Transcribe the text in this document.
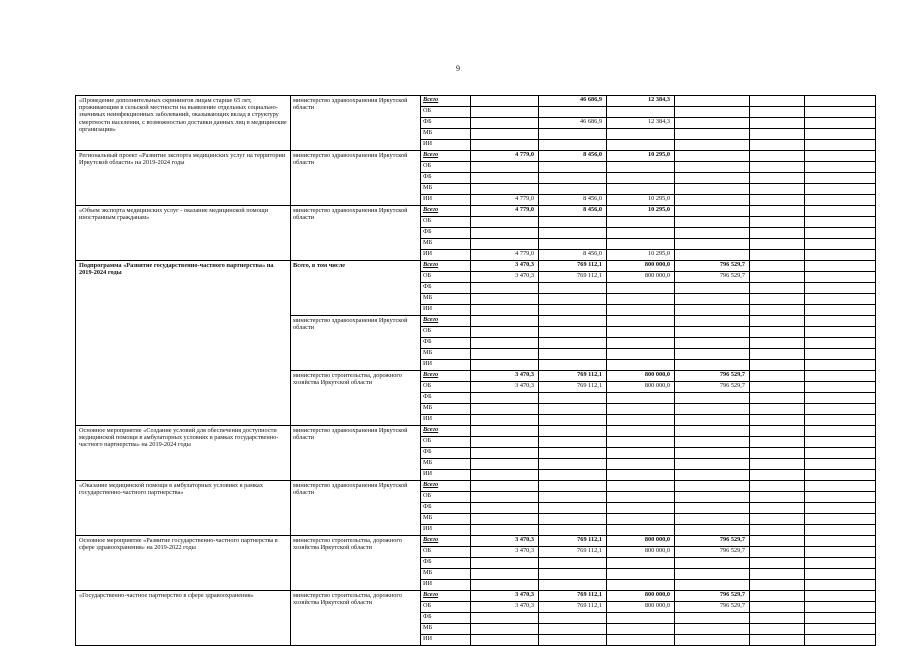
9
«Проведение дополнительных скринингов лицам старше 65 лет, проживающим в сельской местности на выявление отдельных социально-значимых неинфекционных заболеваний, оказывающих вклад в структуру смертности населения, с возможностью доставки данных лиц в медицинские организации»	министерство здравоохранения Иркутской области	Всего		46 686,9	12 384,3			
		ОБ						
		ФБ		46 686,9	12 384,3			
		МБ						
		ИИ						
Региональный проект «Развитие экспорта медицинских услуг на территории Иркутской области» на 2019-2024 годы	министерство здравоохранения Иркутской области	Всего	4 779,0	8 456,0	10 295,0			
		ОБ						
		ФБ						
		МБ						
		ИИ	4 779,0	8 456,0	10 295,0			
«Объем экспорта медицинских услуг - оказание медицинской помощи иностранным гражданам»	министерство здравоохранения Иркутской области	Всего	4 779,0	8 456,0	10 295,0			
		ОБ						
		ФБ						
		МБ						
		ИИ	4 779,0	8 456,0	10 295,0			
Подпрограмма «Развитие государственно-частного партнерства» на 2019-2024 годы	Всего, в том числе	Всего	3 470,3	769 112,1	800 000,0	796 529,7		
		ОБ	3 470,3	769 112,1	800 000,0	796 529,7		
		ФБ						
		МБ						
		ИИ						
	министерство здравоохранения Иркутской области	Всего						
		ОБ						
		ФБ						
		МБ						
		ИИ						
	министерство строительства, дорожного хозяйства Иркутской области	Всего	3 470,3	769 112,1	800 000,0	796 529,7		
		ОБ	3 470,3	769 112,1	800 000,0	796 529,7		
		ФБ						
		МБ						
		ИИ						
Основное мероприятие «Создание условий для обеспечения доступности медицинской помощи в амбулаторных условиях в рамках государственно-частного партнерства» на 2019-2024 годы	министерство здравоохранения Иркутской области	Всего						
		ОБ						
		ФБ						
		МБ						
		ИИ						
«Оказание медицинской помощи в амбулаторных условиях в рамках государственно-частного партнерства»	министерство здравоохранения Иркутской области	Всего						
		ОБ						
		ФБ						
		МБ						
		ИИ						
Основное мероприятие «Развитие государственно-частного партнерства в сфере здравоохранения» на 2019-2022 годы	министерство строительства, дорожного хозяйства Иркутской области	Всего	3 470,3	769 112,1	800 000,0	796 529,7		
		ОБ	3 470,3	769 112,1	800 000,0	796 529,7		
		ФБ						
		МБ						
		ИИ						
«Государственно-частное партнерство в сфере здравоохранения»	министерство строительства, дорожного хозяйства Иркутской области	Всего	3 470,3	769 112,1	800 000,0	796 529,7		
		ОБ	3 470,3	769 112,1	800 000,0	796 529,7		
		ФБ						
		МБ						
		ИИ						
